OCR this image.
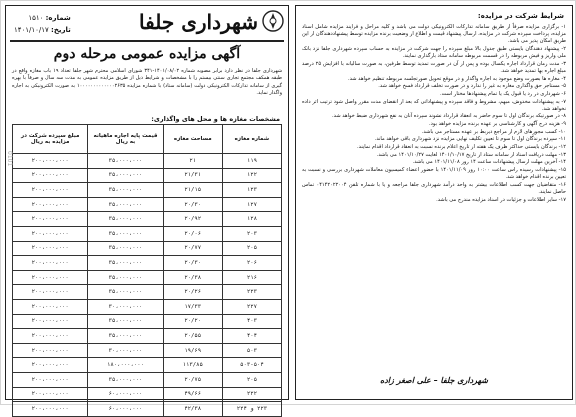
شهرداری جلفا
شماره: ۱۵۱۰
تاریخ: ۱۴۰۱/۱۰/۱۷
آگهی مزایده عمومی مرحله دوم
شهرداری جلفا در نظر دارد برابر مصوبه شماره ۱۴۰۱/۰۸/۰۲-۳۴۱ شورای اسلامی محترم شهر جلفا تعداد ۱۹ باب مغازه واقع در طبقه همکف مجتمع تجاری سنتی بیستم را با مشخصات و شرایط ذیل از طریق مزایده عمومی به مدت سه سال و صرفاً با بهره گیری از سامانه تدارکات الکترونیکی دولت (سامانه ستاد) با شماره مزایده ۱۰۰۰۰۰۰۰۰۰۰۰۰۰۲۶۳۵ به صورت الکترونیکی به اجاره واگذار نماید.
مشخصات مغازه ها و محل های واگذاری:
شماره مغازه	مساحت مغازه	قیمت پایه اجاره ماهیانه به ریال	مبلغ سپرده شرکت در مزایده به ریال
۱۱۹	۲۱	۳۵،۰۰۰،۰۰۰	۲۰۰،۰۰۰،۰۰۰
۱۲۲	۲۱/۳۱	۳۵،۰۰۰،۰۰۰	۲۰۰،۰۰۰،۰۰۰
۱۲۳	۲۱/۱۵	۳۵،۰۰۰،۰۰۰	۲۰۰،۰۰۰،۰۰۰
۱۲۷	۲۰/۳۰	۳۵،۰۰۰،۰۰۰	۲۰۰،۰۰۰،۰۰۰
۱۲۸	۲۰/۹۲	۳۵،۰۰۰،۰۰۰	۲۰۰،۰۰۰،۰۰۰
۲۰۳	۲۰/۰۶	۳۵،۰۰۰،۰۰۰	۲۰۰،۰۰۰،۰۰۰
۲۰۵	۲۰/۷۷	۳۵،۰۰۰،۰۰۰	۲۰۰،۰۰۰،۰۰۰
۲۰۶	۲۰/۳۰	۳۵،۰۰۰،۰۰۰	۲۰۰،۰۰۰،۰۰۰
۲۱۶	۲۰/۳۸	۳۵،۰۰۰،۰۰۰	۲۰۰،۰۰۰،۰۰۰
۲۲۳	۲۰/۲۶	۳۵،۰۰۰،۰۰۰	۲۰۰،۰۰۰،۰۰۰
۲۲۷	۱۷/۳۳	۳۰،۰۰۰،۰۰۰	۲۰۰،۰۰۰،۰۰۰
۴۰۳	۲۰/۲۰	۳۵،۰۰۰،۰۰۰	۲۰۰،۰۰۰،۰۰۰
۴۰۴	۲۰/۵۵	۳۵،۰۰۰،۰۰۰	۲۰۰،۰۰۰،۰۰۰
۵۰۳	۱۹/۶۹	۳۰،۰۰۰،۰۰۰	۲۰۰،۰۰۰،۰۰۰
۵۰۳-۵۰۴	۱۱۳/۸۵	۱۸۰،۰۰۰،۰۰۰	۲۰۰،۰۰۰،۰۰۰
۲۰۵	۲۰/۷۵	۳۵،۰۰۰،۰۰۰	۲۰۰،۰۰۰،۰۰۰
۲۲۲	۴۹/۶۶	۶۰،۰۰۰،۰۰۰	۲۰۰،۰۰۰،۰۰۰
۲۲۳ و ۲۲۴	۴۲/۳۸	۶۰،۰۰۰،۰۰۰	۲۰۰،۰۰۰،۰۰۰
شرایط شرکت در مزایده:
۱- برگزاری مزایده صرفاً از طریق سامانه تدارکات الکترونیکی دولت می باشد و کلیه مراحل و فرایند مزایده شامل اسناد مزایده، پرداخت سپرده شرکت در مزایده، ارسال پیشنهاد قیمت و اطلاع از وضعیت برنده مزایده توسط پیشنهاددهندگان از این طریق امکان پذیر می باشد.
۲- پیشنهاد دهندگان بایستی طبق جدول بالا مبلغ سپرده را جهت شرکت در مزایده به حساب سپرده شهرداری جلفا نزد بانک ملی واریز و فیش مربوطه را در قسمت مربوطه سامانه ستاد بارگذاری نمایند.
۳- مدت زمان قرارداد اجاره یکسال بوده و پس از آن در صورت تمدید توسط طرفین، به صورت سالیانه با افزایش ۲۵ درصد مبلغ اجاره بها تمدید خواهد شد.
۴- مغازه ها بصورت وضع موجود به اجاره واگذار و در موقع تحویل صورتجلسه مربوطه تنظیم خواهد شد.
۵- مستاجر حق واگذاری مغازه به غیر را ندارد و در صورت تخلف قرارداد فسخ خواهد شد.
۶- شهرداری در رد یا قبول یک یا تمام پیشنهادها مختار است.
۷- به پیشنهادات مخدوش، مبهم، مشروط و فاقد سپرده و پیشنهاداتی که بعد از انقضای مدت مقرر واصل شود ترتیب اثر داده نخواهد شد.
۸- در صورتیکه برندگان اول تا سوم حاضر به انعقاد قرارداد نشوند سپرده آنان به نفع شهرداری ضبط خواهد شد.
۹- هزینه درج آگهی و کارشناسی بر عهده برنده مزایده خواهد بود.
۱۰- کسب مجوزهای لازم از مراجع ذیربط بر عهده مستاجر می باشد.
۱۱- سپرده برندگان اول تا سوم تا تعیین تکلیف نهایی مزایده نزد شهرداری باقی خواهد ماند.
۱۲- برندگان بایستی حداکثر ظرف یک هفته از تاریخ اعلام برنده نسبت به انعقاد قرارداد اقدام نمایند.
۱۳- مهلت دریافت اسناد از سامانه ستاد از تاریخ ۱۴۰۱/۱۰/۱۷ لغایت ۱۴۰۱/۱۰/۲۷ می باشد.
۱۴- آخرین مهلت ارسال پیشنهادات ساعت ۱۴ روز ۱۴۰۱/۱۱/۰۸ می باشد.
۱۵- پیشنهادات رسیده راس ساعت ۱۰:۰۰ روز ۱۴۰۱/۱۱/۰۹ با حضور اعضاء کمیسیون معاملات شهرداری بررسی و نسبت به تعیین برنده اقدام خواهد شد.
۱۶- متقاضیان جهت کسب اطلاعات بیشتر به واحد درآمد شهرداری جلفا مراجعه و یا با شماره تلفن ۰۴۱۴۲۰۲۲۰۰۴ تماس حاصل نمایند.
۱۷- سایر اطلاعات و جزئیات در اسناد مزایده مندرج می باشد.
شهرداری جلفا – علی اصغر زاده
0101
